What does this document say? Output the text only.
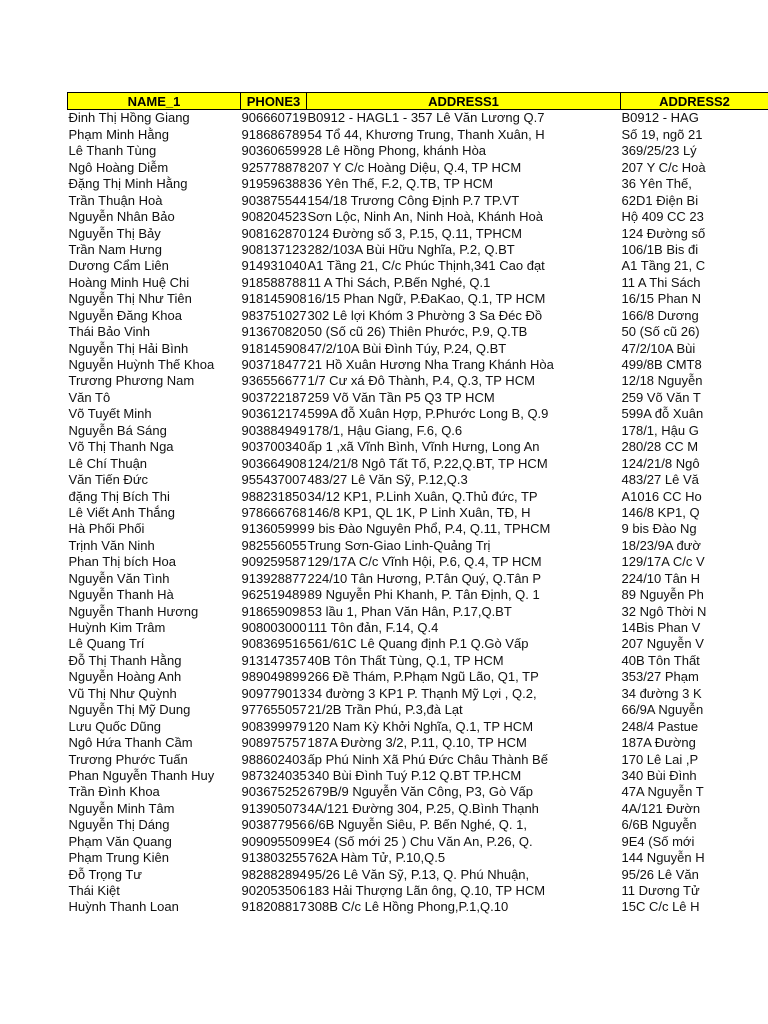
NAME_1	PHONE3	ADDRESS1	ADDRESS2
Đinh Thị Hồng Giang	906660719	B0912 - HAGL1 - 357 Lê Văn Lương Q.7	B0912 - HAG
Phạm Minh Hằng	918686789	54 Tổ 44, Khương Trung, Thanh Xuân, H	Số 19, ngõ 21
Lê Thanh Tùng	903606599	28 Lê Hồng Phong, khánh Hòa	369/25/23 Lý
Ngô Hoàng Diễm	925778878	207 Y C/c Hoàng Diệu, Q.4, TP HCM	207 Y C/c Hoà
Đặng Thị Minh Hằng	919596388	36 Yên Thế, F.2, Q.TB, TP HCM	36 Yên Thế,
Trần Thuận Hoà	903875544	154/18 Trương Công Định P.7 TP.VT	62D1 Điện Bi
Nguyễn Nhân Bảo	908204523	Sơn Lộc, Ninh An, Ninh Hoà, Khánh Hoà	Hộ 409 CC 23
Nguyễn Thị Bảy	908162870	124 Đường số 3, P.15, Q.11, TPHCM	124 Đường số
Trần Nam Hưng	908137123	282/103A Bùi Hữu Nghĩa, P.2, Q.BT	106/1B Bis đi
Dương Cẩm Liên	914931040	A1 Tầng 21, C/c Phúc Thịnh,341 Cao đạt	A1 Tầng 21, C
Hoàng Minh Huệ Chi	918588788	11 A Thi Sách, P.Bến Nghé, Q.1	11 A Thi Sách
Nguyễn Thị Như Tiên	918145908	16/15 Phan Ngữ, P.ĐaKao, Q.1, TP HCM	16/15 Phan N
Nguyễn Đăng Khoa	983751027	302 Lê lợi Khóm 3 Phường 3 Sa Đéc Đồ	166/8 Dương
Thái Bảo Vinh	913670820	50 (Số cũ 26) Thiên Phước, P.9, Q.TB	50 (Số cũ 26)
Nguyễn Thị Hải Bình	918145908	47/2/10A Bùi Đình Túy, P.24, Q.BT	47/2/10A Bùi
Nguyễn Huỳnh Thế Khoa	903718477	21 Hồ Xuân Hương Nha Trang Khánh Hòa	499/8B CMT8
Trương Phương Nam	936556677	1/7 Cư xá Đô Thành, P.4, Q.3, TP HCM	12/18 Nguyễn
Văn Tô	903722187	259 Võ Văn Tần P5 Q3 TP HCM	259 Võ Văn T
Võ Tuyết Minh	903612174	599A đỗ Xuân Hợp, P.Phước Long B, Q.9	599A đỗ Xuân
Nguyễn Bá Sáng	903884949	178/1, Hậu Giang, F.6, Q.6	178/1, Hậu G
Võ Thị Thanh Nga	903700340	ấp 1 ,xã Vĩnh Bình, Vĩnh Hưng, Long An	280/28 CC M
Lê Chí Thuận	903664908	124/21/8 Ngô Tất Tố, P.22,Q.BT, TP HCM	124/21/8 Ngô
Văn Tiến Đức	955437007	483/27 Lê Văn Sỹ, P.12,Q.3	483/27 Lê Vă
đặng Thị Bích Thi	988231850	34/12 KP1, P.Linh Xuân, Q.Thủ đức, TP	A1016 CC Ho
Lê Viết Anh Thắng	978666768	146/8 KP1, QL 1K, P Linh Xuân, TĐ, H	146/8 KP1, Q
Hà Phối Phối	913605999	9 bis Đào Nguyên Phổ, P.4, Q.11, TPHCM	9 bis Đào Ng
Trịnh Văn Ninh	982556055	Trung Sơn-Giao Linh-Quảng Trị	18/23/9A đườ
Phan Thị bích Hoa	909259587	129/17A C/c Vĩnh Hội, P.6, Q.4, TP HCM	129/17A C/c V
Nguyễn Văn Tình	913928877	224/10 Tân Hương, P.Tân Quý, Q.Tân P	224/10 Tân H
Nguyễn Thanh Hà	962519489	89 Nguyễn Phi Khanh, P. Tân Định, Q. 1	89 Nguyễn Ph
Nguyễn Thanh Hương	918659098	53 lầu 1, Phan Văn Hân, P.17,Q.BT	32 Ngô Thời N
Huỳnh Kim Trâm	908003000	111 Tôn đản, F.14, Q.4	14Bis Phan V
Lê Quang Trí	908369516	561/61C Lê Quang định P.1 Q.Gò Vấp	207 Nguyễn V
Đỗ Thị Thanh Hằng	913147357	40B Tôn Thất Tùng, Q.1, TP HCM	40B Tôn Thất
Nguyễn Hoàng Anh	989049899	266 Đề Thám, P.Phạm Ngũ Lão, Q1, TP	353/27 Phạm
Vũ Thị Như Quỳnh	909779013	34 đường 3 KP1 P. Thạnh Mỹ Lợi , Q.2,	34 đường 3 K
Nguyễn Thị Mỹ Dung	977655057	21/2B Trần Phú, P.3,đà Lạt	66/9A Nguyễn
Lưu Quốc Dũng	908399979	120 Nam Kỳ Khởi Nghĩa, Q.1, TP HCM	248/4 Pastue
Ngô Hứa Thanh Cầm	908975757	187A Đường 3/2, P.11, Q.10, TP HCM	187A Đường
Trương Phước Tuấn	988602403	ấp Phú Ninh Xã Phú Đức Châu Thành Bế	170 Lê Lai ,P
Phan Nguyễn Thanh Huy	987324035	340 Bùi Đình Tuý P.12 Q.BT TP.HCM	340 Bùi Đình
Trần Đình Khoa	903675252	679B/9 Nguyễn Văn Công, P3, Gò Vấp	47A Nguyễn T
Nguyễn Minh Tâm	913905073	4A/121 Đường 304, P.25, Q.Bình Thạnh	4A/121 Đườn
Nguyễn Thị Dáng	903877956	6/6B Nguyễn Siêu, P. Bến Nghé, Q. 1,	6/6B Nguyễn
Phạm Văn Quang	909095509	9E4 (Số mới 25 ) Chu Văn An, P.26, Q.	9E4 (Số mới
Phạm Trung Kiên	913803255	762A Hàm Tử, P.10,Q.5	144 Nguyễn H
Đỗ Trọng Tư	982882894	95/26 Lê Văn Sỹ, P.13, Q. Phú Nhuận,	95/26 Lê Văn
Thái Kiệt	902053506	183 Hải Thượng Lãn ông, Q.10, TP HCM	11 Dương Tử
Huỳnh Thanh Loan	918208817	308B C/c Lê Hồng Phong,P.1,Q.10	15C C/c Lê H
